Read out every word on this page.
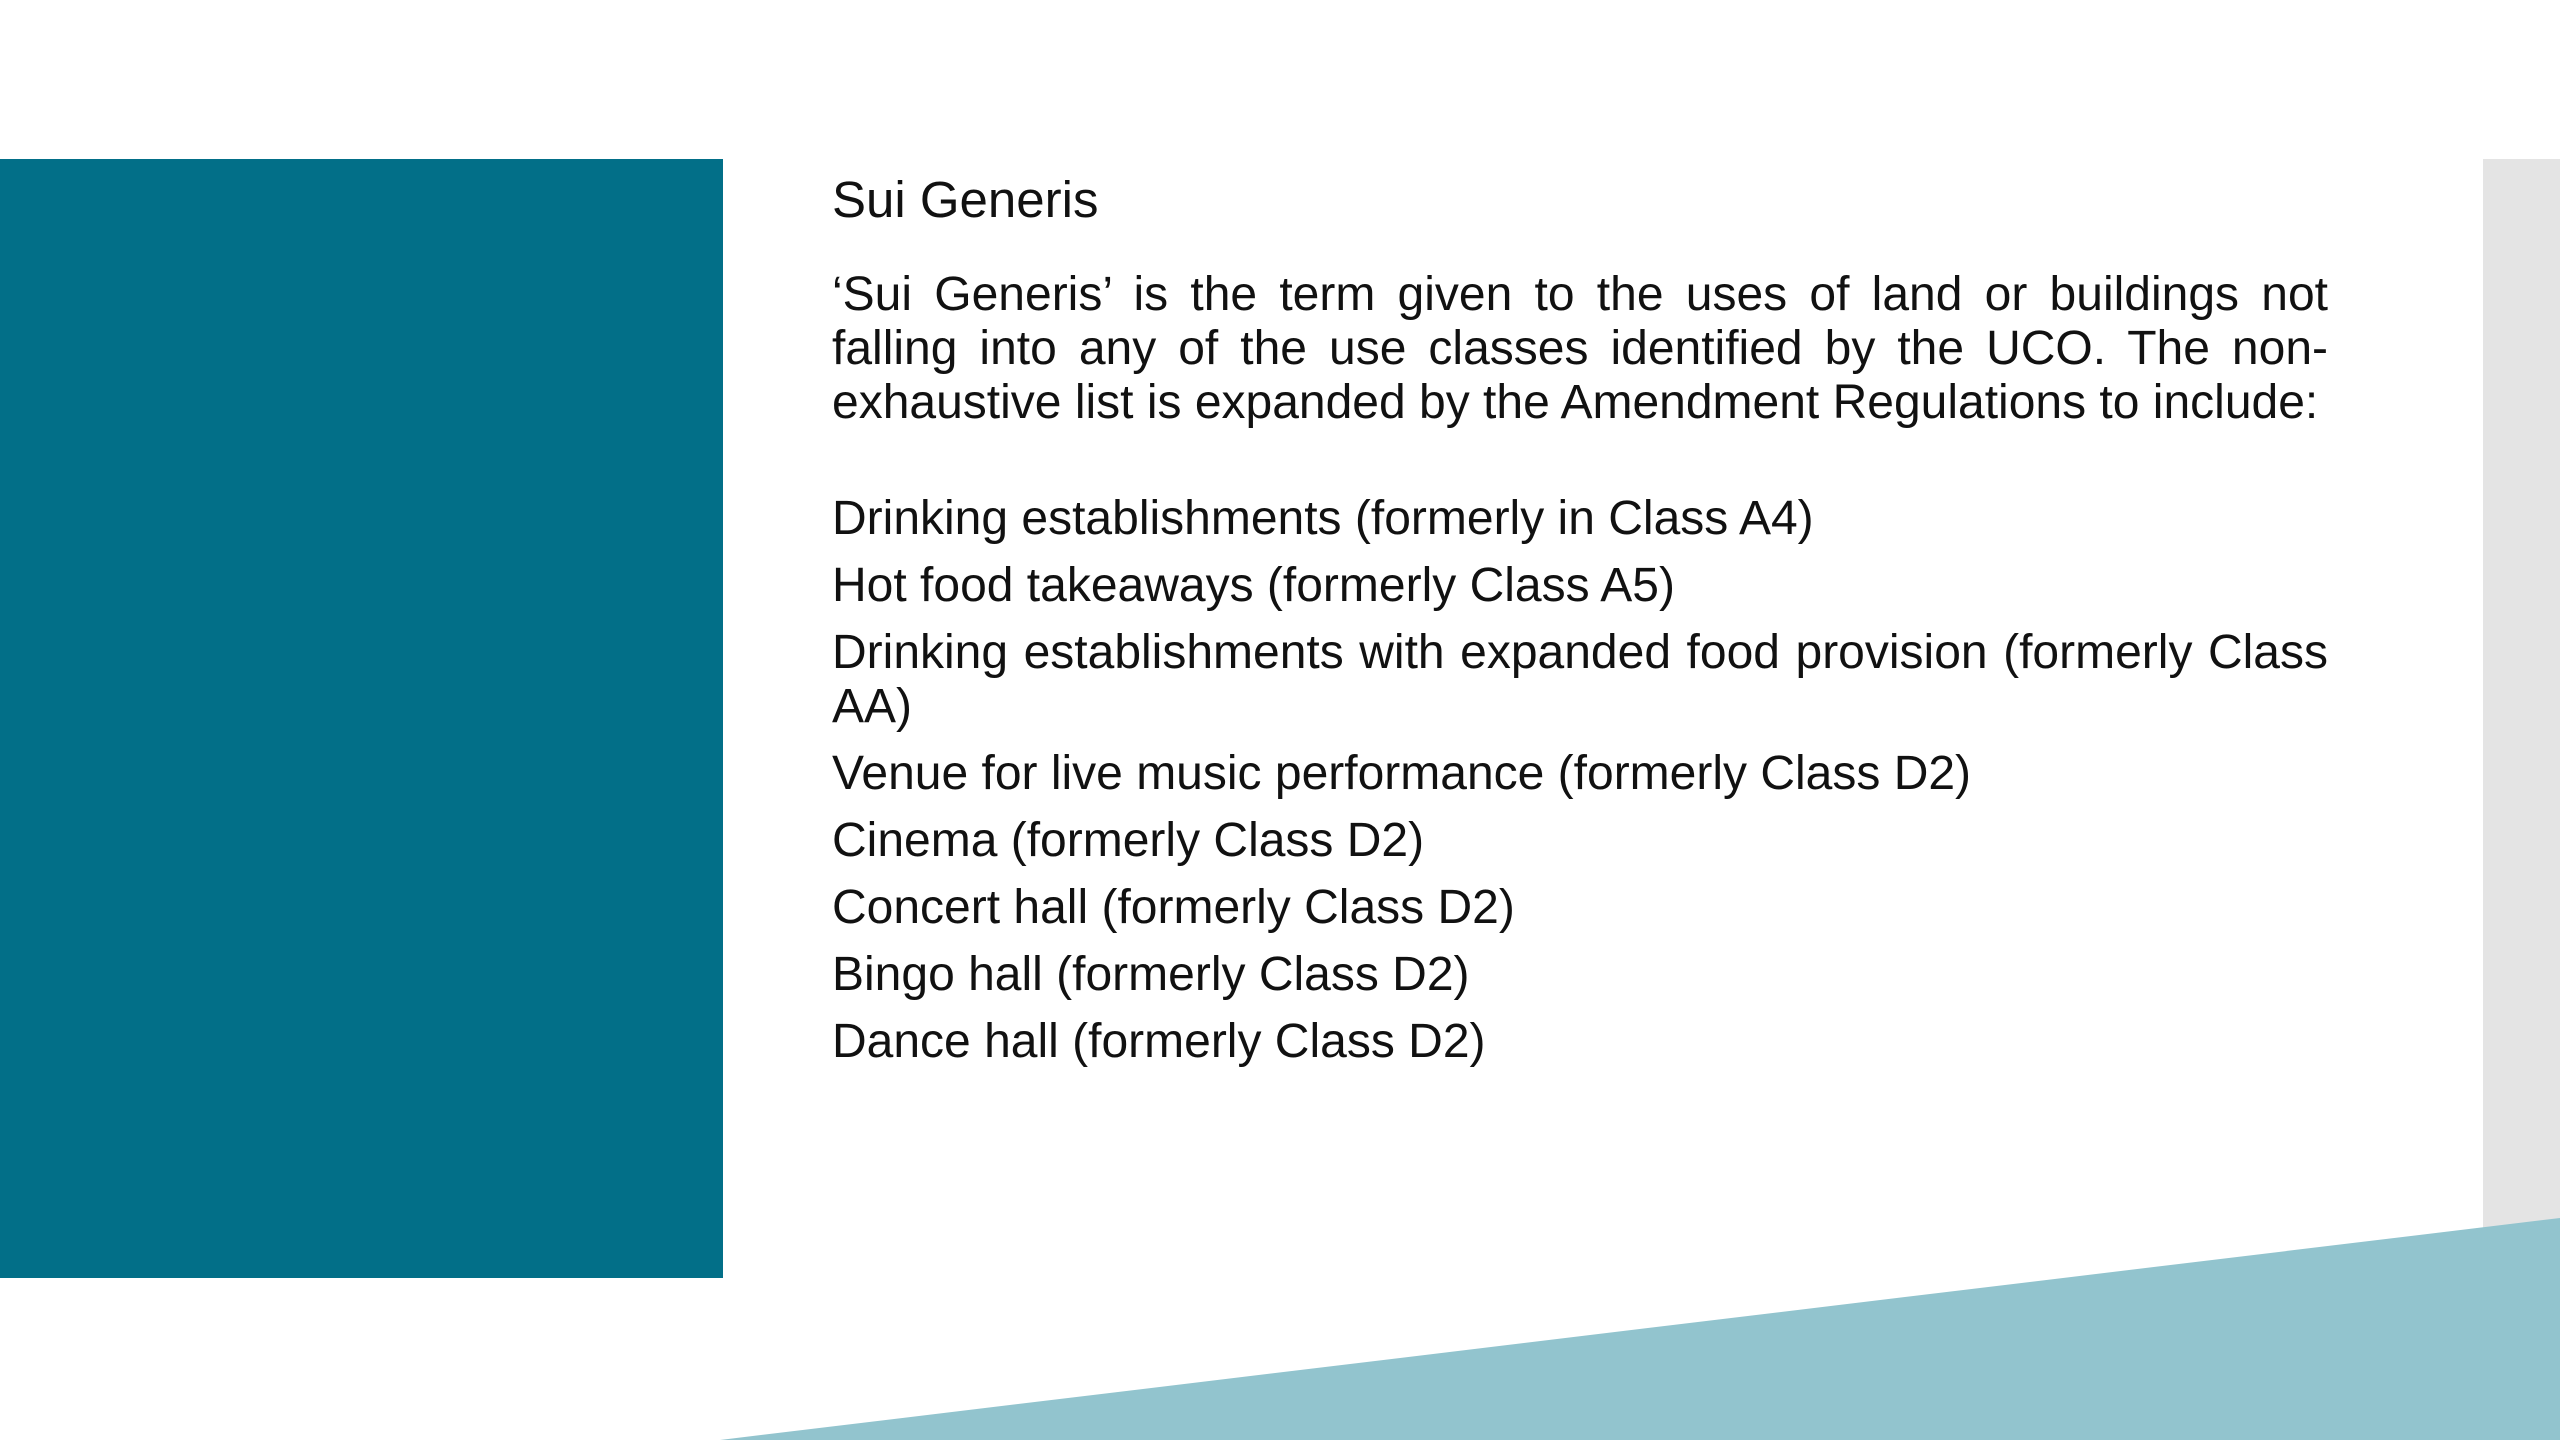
Sui Generis

‘Sui Generis’ is the term given to the uses of land or buildings not falling into any of the use classes identified by the UCO. The non-exhaustive list is expanded by the Amendment Regulations to include:

Drinking establishments (formerly in Class A4)
Hot food takeaways (formerly Class A5)
Drinking establishments with expanded food provision (formerly Class AA)
Venue for live music performance (formerly Class D2)
Cinema (formerly Class D2)
Concert hall (formerly Class D2)
Bingo hall (formerly Class D2)
Dance hall (formerly Class D2)
